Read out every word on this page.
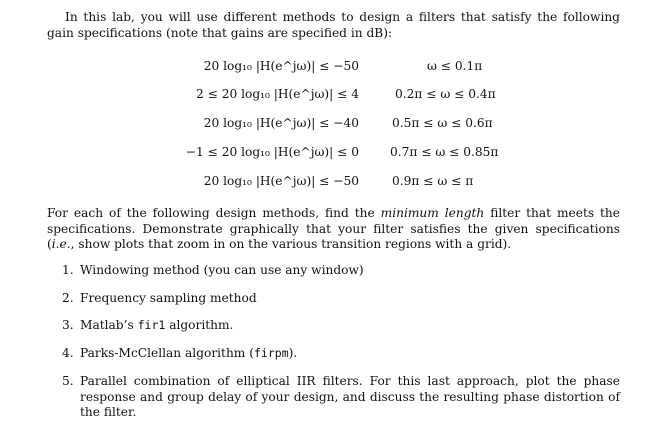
In this lab, you will use different methods to design a filters that satisfy the following gain specifications (note that gains are specified in dB):
20 log₁₀ |H(e^jω)| ≤ −50	ω ≤ 0.1π
2 ≤ 20 log₁₀ |H(e^jω)| ≤ 4	0.2π ≤ ω ≤ 0.4π
20 log₁₀ |H(e^jω)| ≤ −40	0.5π ≤ ω ≤ 0.6π
−1 ≤ 20 log₁₀ |H(e^jω)| ≤ 0	0.7π ≤ ω ≤ 0.85π
20 log₁₀ |H(e^jω)| ≤ −50	0.9π ≤ ω ≤ π
For each of the following design methods, find the minimum length filter that meets the specifications. Demonstrate graphically that your filter satisfies the given specifications (i.e., show plots that zoom in on the various transition regions with a grid).
1. Windowing method (you can use any window)
2. Frequency sampling method
3. Matlab’s fir1 algorithm.
4. Parks-McClellan algorithm (firpm).
5. Parallel combination of elliptical IIR filters. For this last approach, plot the phase response and group delay of your design, and discuss the resulting phase distortion of the filter.
